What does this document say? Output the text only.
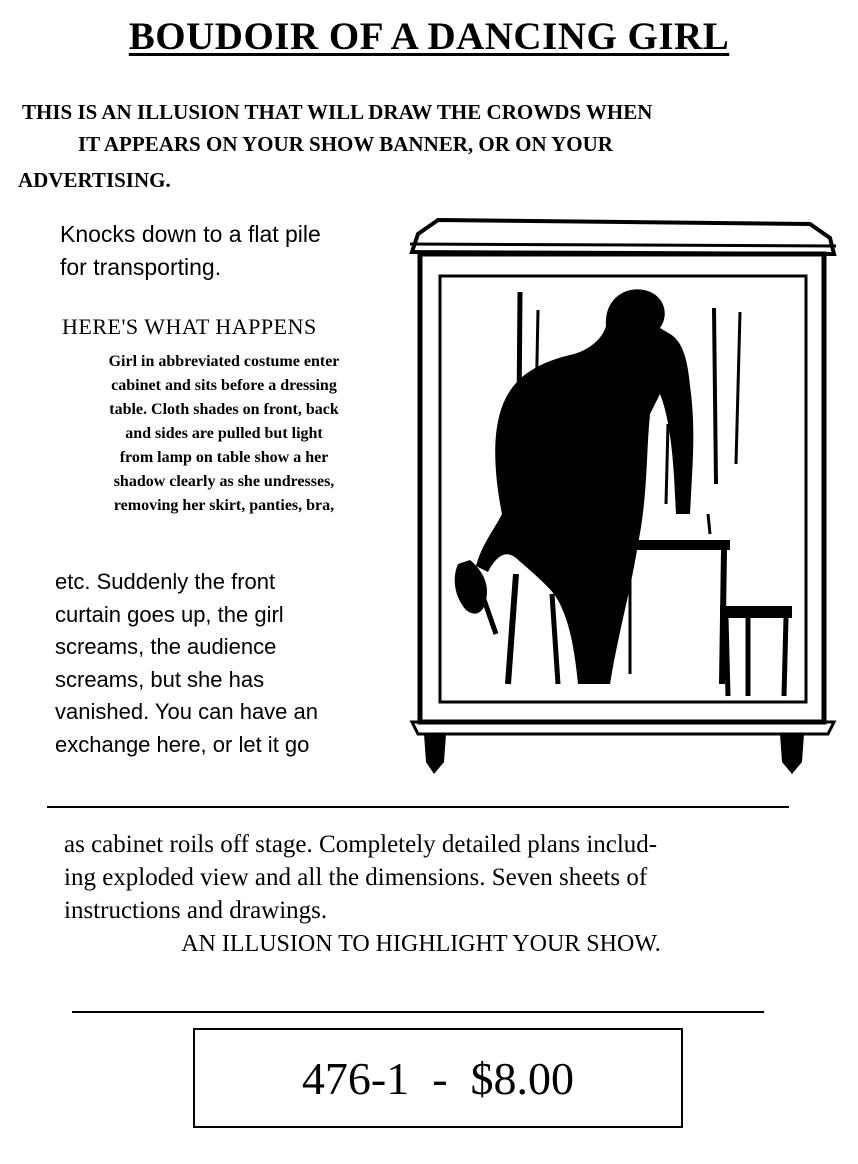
BOUDOIR OF A DANCING GIRL
THIS IS AN ILLUSION THAT WILL DRAW THE CROWDS WHEN
IT APPEARS ON YOUR SHOW BANNER, OR ON YOUR
ADVERTISING.
Knocks down to a flat pile
for transporting.
HERE'S WHAT HAPPENS
Girl in abbreviated costume enter
cabinet and sits before a dressing
table. Cloth shades on front, back
and sides are pulled but light
from lamp on table show a her
shadow clearly as she undresses,
removing her skirt, panties, bra,
etc. Suddenly the front
curtain goes up, the girl
screams, the audience
screams, but she has
vanished. You can have an
exchange here, or let it go
as cabinet roils off stage. Completely detailed plans includ-
ing exploded view and all the dimensions. Seven sheets of
instructions and drawings.
AN ILLUSION TO HIGHLIGHT YOUR SHOW.
476-1  -  $8.00
